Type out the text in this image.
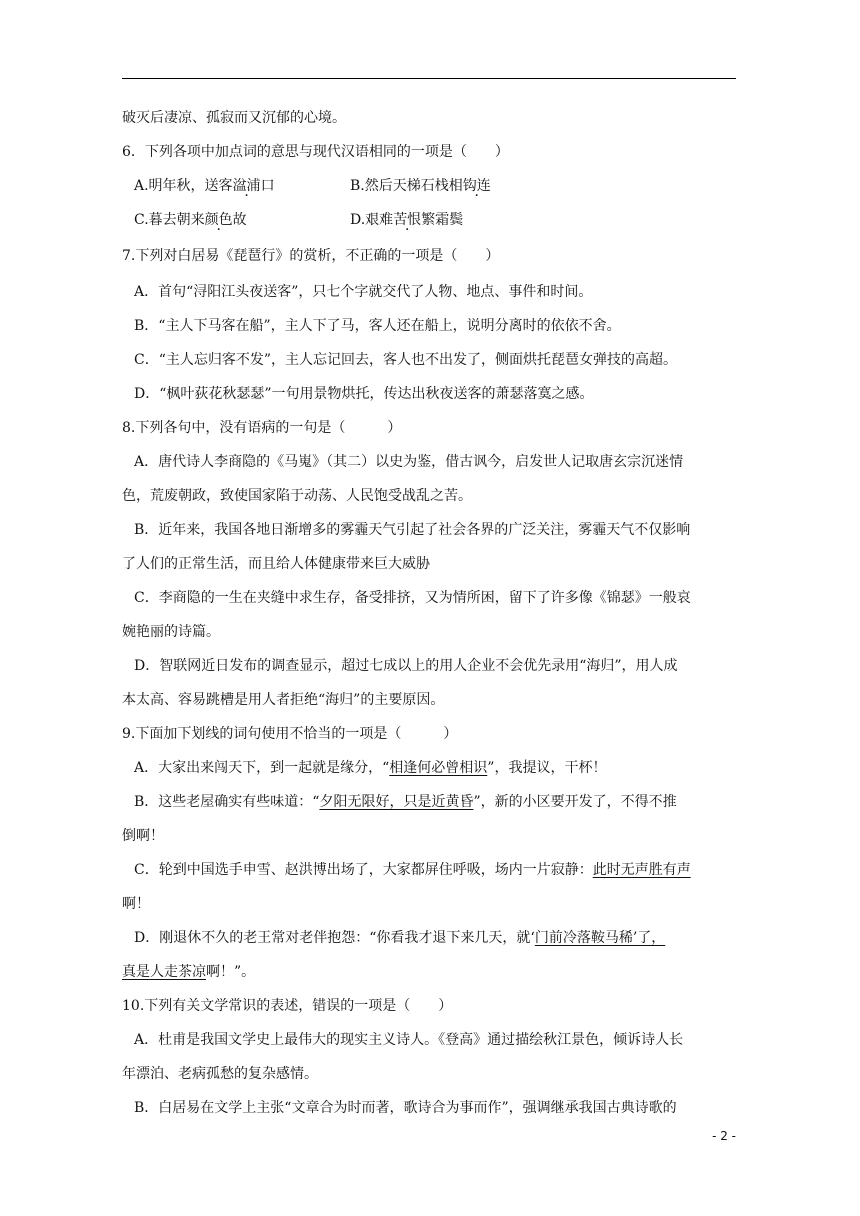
破灭后凄凉、孤寂而又沉郁的心境。
6．下列各项中加点词的意思与现代汉语相同的一项是（　　）
A.明年秋，送客湓浦口	B.然后天梯石栈相钩连
C.暮去朝来颜色故	D.艰难苦恨繁霜鬓
7.下列对白居易《琵琶行》的赏析，不正确的一项是（　　）
A．首句“浔阳江头夜送客”，只七个字就交代了人物、地点、事件和时间。
B．“主人下马客在船”，主人下了马，客人还在船上，说明分离时的依依不舍。
C．“主人忘归客不发”，主人忘记回去，客人也不出发了，侧面烘托琵琶女弹技的高超。
D．“枫叶荻花秋瑟瑟”一句用景物烘托，传达出秋夜送客的萧瑟落寞之感。
8.下列各句中，没有语病的一句是（　　　）
A．唐代诗人李商隐的《马嵬》（其二）以史为鉴，借古讽今，启发世人记取唐玄宗沉迷情
色，荒废朝政，致使国家陷于动荡、人民饱受战乱之苦。
B．近年来，我国各地日渐增多的雾霾天气引起了社会各界的广泛关注，雾霾天气不仅影响
了人们的正常生活，而且给人体健康带来巨大威胁
C．李商隐的一生在夹缝中求生存，备受排挤，又为情所困，留下了许多像《锦瑟》一般哀
婉艳丽的诗篇。
D．智联网近日发布的调查显示，超过七成以上的用人企业不会优先录用“海归”，用人成
本太高、容易跳槽是用人者拒绝“海归”的主要原因。
9.下面加下划线的词句使用不恰当的一项是（　　　）
A．大家出来闯天下，到一起就是缘分，“相逢何必曾相识”，我提议，干杯！
B．这些老屋确实有些味道：“夕阳无限好，只是近黄昏”，新的小区要开发了，不得不推
倒啊！
C．轮到中国选手申雪、赵洪博出场了，大家都屏住呼吸，场内一片寂静：此时无声胜有声
啊！
D．刚退休不久的老王常对老伴抱怨：“你看我才退下来几天，就‘门前冷落鞍马稀’了，
真是人走茶凉啊！”。
10.下列有关文学常识的表述，错误的一项是（　　）
A．杜甫是我国文学史上最伟大的现实主义诗人。《登高》通过描绘秋江景色，倾诉诗人长
年漂泊、老病孤愁的复杂感情。
B．白居易在文学上主张“文章合为时而著，歌诗合为事而作”，强调继承我国古典诗歌的
- 2 -
